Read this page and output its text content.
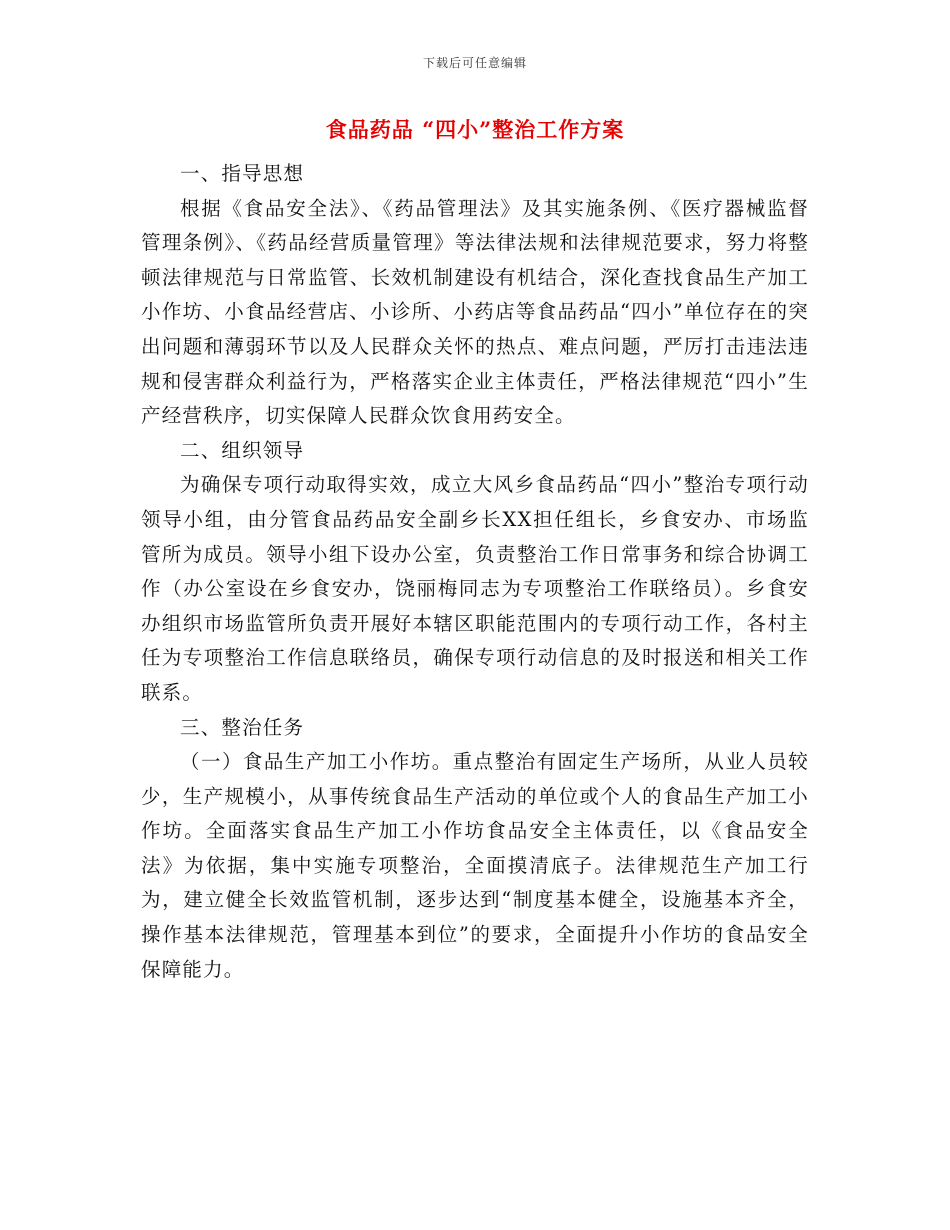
下载后可任意编辑
食品药品 “四小”整治工作方案

一、指导思想

根据《食品安全法》、《药品管理法》及其实施条例、《医疗器械监督管理条例》、《药品经营质量管理》等法律法规和法律规范要求，努力将整顿法律规范与日常监管、长效机制建设有机结合，深化查找食品生产加工小作坊、小食品经营店、小诊所、小药店等食品药品“四小”单位存在的突出问题和薄弱环节以及人民群众关怀的热点、难点问题，严厉打击违法违规和侵害群众利益行为，严格落实企业主体责任，严格法律规范“四小”生产经营秩序，切实保障人民群众饮食用药安全。

二、组织领导

为确保专项行动取得实效，成立大风乡食品药品“四小”整治专项行动领导小组，由分管食品药品安全副乡长XX担任组长，乡食安办、市场监管所为成员。领导小组下设办公室，负责整治工作日常事务和综合协调工作（办公室设在乡食安办，饶丽梅同志为专项整治工作联络员）。乡食安办组织市场监管所负责开展好本辖区职能范围内的专项行动工作，各村主任为专项整治工作信息联络员，确保专项行动信息的及时报送和相关工作联系。

三、整治任务

（一）食品生产加工小作坊。重点整治有固定生产场所，从业人员较少，生产规模小，从事传统食品生产活动的单位或个人的食品生产加工小作坊。全面落实食品生产加工小作坊食品安全主体责任，以《食品安全法》为依据，集中实施专项整治，全面摸清底子。法律规范生产加工行为，建立健全长效监管机制，逐步达到“制度基本健全，设施基本齐全，操作基本法律规范，管理基本到位”的要求，全面提升小作坊的食品安全保障能力。
